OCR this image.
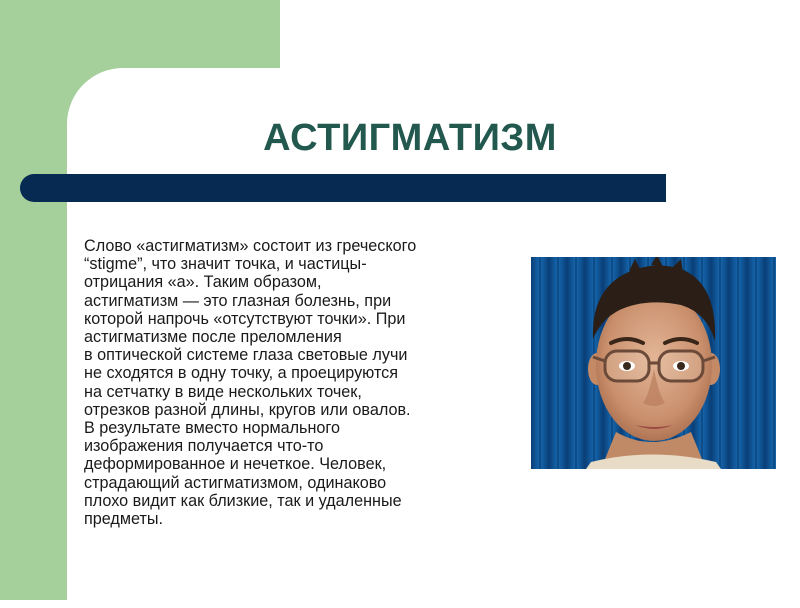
АСТИГМАТИЗМ

Слово «астигматизм» состоит из греческого
“stigme”, что значит точка, и частицы-
отрицания «а». Таким образом,
астигматизм — это глазная болезнь, при
которой напрочь «отсутствуют точки». При
астигматизме после преломления
в оптической системе глаза световые лучи
не сходятся в одну точку, а проецируются
на сетчатку в виде нескольких точек,
отрезков разной длины, кругов или овалов.
В результате вместо нормального
изображения получается что-то
деформированное и нечеткое. Человек,
страдающий астигматизмом, одинаково
плохо видит как близкие, так и удаленные
предметы.
